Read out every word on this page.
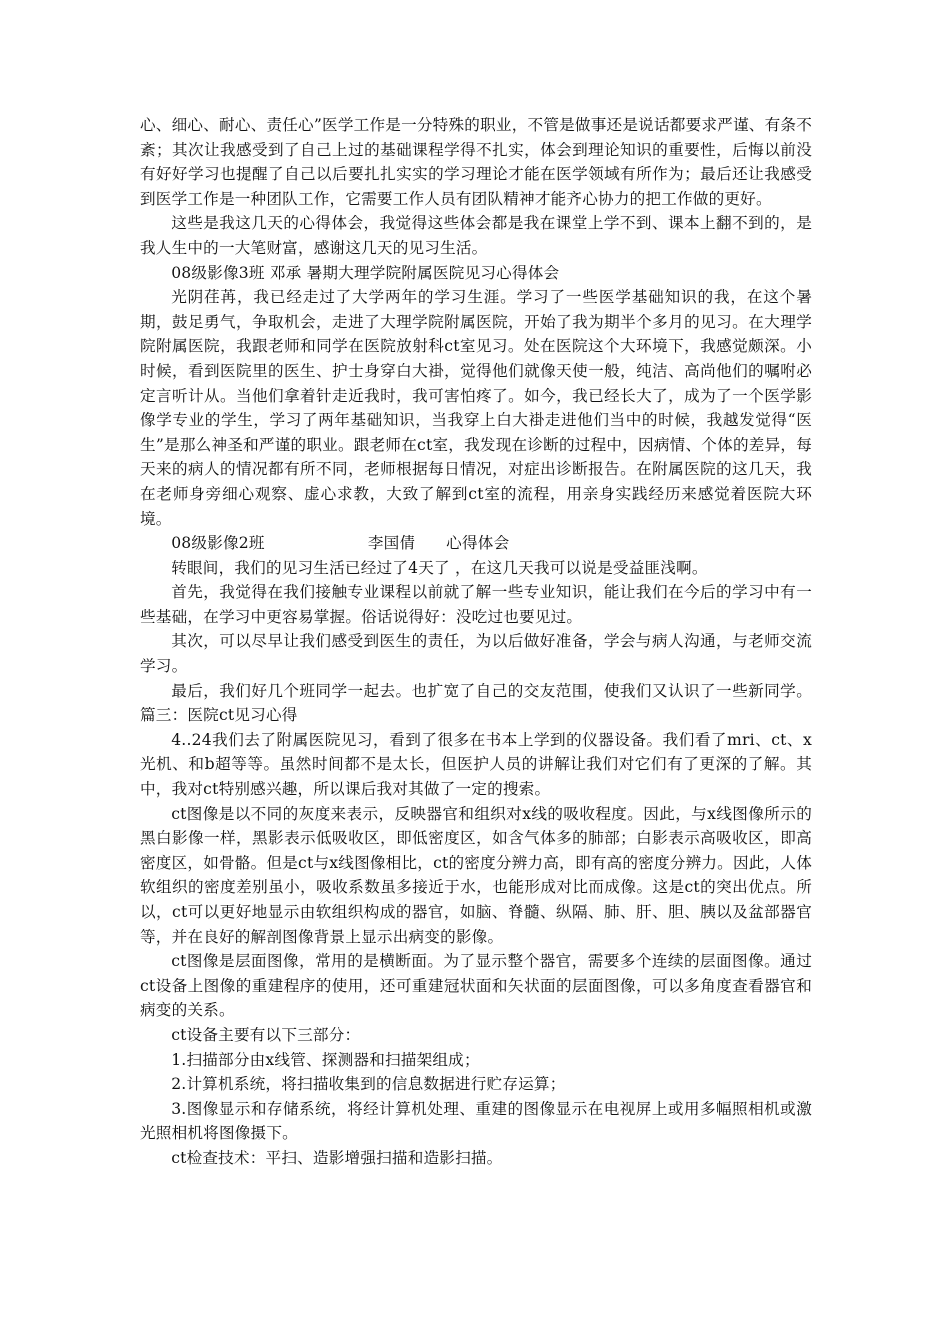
心、细心、耐心、责任心”医学工作是一分特殊的职业，不管是做事还是说话都要求严谨、有条不紊；其次让我感受到了自己上过的基础课程学得不扎实，体会到理论知识的重要性，后悔以前没有好好学习也提醒了自己以后要扎扎实实的学习理论才能在医学领域有所作为；最后还让我感受到医学工作是一种团队工作，它需要工作人员有团队精神才能齐心协力的把工作做的更好。

这些是我这几天的心得体会，我觉得这些体会都是我在课堂上学不到、课本上翻不到的，是我人生中的一大笔财富，感谢这几天的见习生活。

08级影像3班 邓承 暑期大理学院附属医院见习心得体会

光阴荏苒，我已经走过了大学两年的学习生涯。学习了一些医学基础知识的我，在这个暑期，鼓足勇气，争取机会，走进了大理学院附属医院，开始了我为期半个多月的见习。在大理学院附属医院，我跟老师和同学在医院放射科ct室见习。处在医院这个大环境下，我感觉颇深。小时候，看到医院里的医生、护士身穿白大褂，觉得他们就像天使一般，纯洁、高尚他们的嘱咐必定言听计从。当他们拿着针走近我时，我可害怕疼了。如今，我已经长大了，成为了一个医学影像学专业的学生，学习了两年基础知识，当我穿上白大褂走进他们当中的时候，我越发觉得“医生”是那么神圣和严谨的职业。跟老师在ct室，我发现在诊断的过程中，因病情、个体的差异，每天来的病人的情况都有所不同，老师根据每日情况，对症出诊断报告。在附属医院的这几天，我在老师身旁细心观察、虚心求教，大致了解到ct室的流程，用亲身实践经历来感觉着医院大环境。

08级影像2班                    李国倩      心得体会

转眼间，我们的见习生活已经过了4天了 ，在这几天我可以说是受益匪浅啊。

首先，我觉得在我们接触专业课程以前就了解一些专业知识，能让我们在今后的学习中有一些基础，在学习中更容易掌握。俗话说得好：没吃过也要见过。

其次，可以尽早让我们感受到医生的责任，为以后做好准备，学会与病人沟通，与老师交流学习。

最后，我们好几个班同学一起去。也扩宽了自己的交友范围，使我们又认识了一些新同学。篇三：医院ct见习心得

4..24我们去了附属医院见习，看到了很多在书本上学到的仪器设备。我们看了mri、ct、x光机、和b超等等。虽然时间都不是太长，但医护人员的讲解让我们对它们有了更深的了解。其中，我对ct特别感兴趣，所以课后我对其做了一定的搜索。

ct图像是以不同的灰度来表示，反映器官和组织对x线的吸收程度。因此，与x线图像所示的黑白影像一样，黑影表示低吸收区，即低密度区，如含气体多的肺部；白影表示高吸收区，即高密度区，如骨骼。但是ct与x线图像相比，ct的密度分辨力高，即有高的密度分辨力。因此，人体软组织的密度差别虽小，吸收系数虽多接近于水，也能形成对比而成像。这是ct的突出优点。所以，ct可以更好地显示由软组织构成的器官，如脑、脊髓、纵隔、肺、肝、胆、胰以及盆部器官等，并在良好的解剖图像背景上显示出病变的影像。

ct图像是层面图像，常用的是横断面。为了显示整个器官，需要多个连续的层面图像。通过ct设备上图像的重建程序的使用，还可重建冠状面和矢状面的层面图像，可以多角度查看器官和病变的关系。

ct设备主要有以下三部分：

1.扫描部分由x线管、探测器和扫描架组成；

2.计算机系统，将扫描收集到的信息数据进行贮存运算；

3.图像显示和存储系统，将经计算机处理、重建的图像显示在电视屏上或用多幅照相机或激光照相机将图像摄下。

ct检查技术：平扫、造影增强扫描和造影扫描。
